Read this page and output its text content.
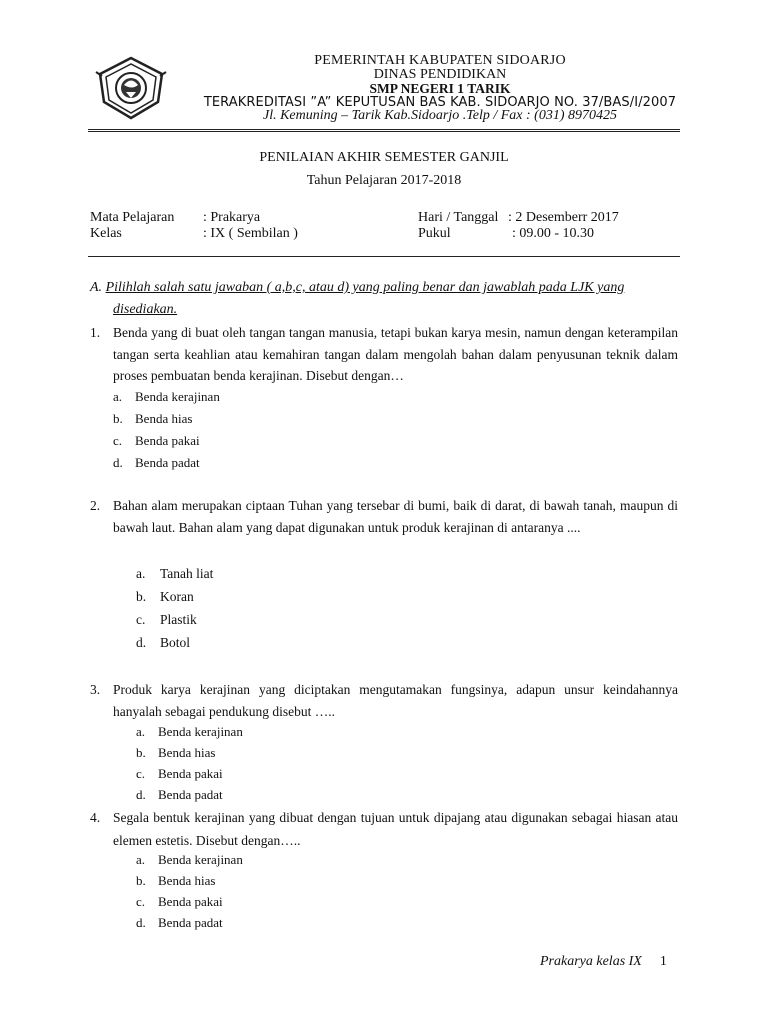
PEMERINTAH KABUPATEN SIDOARJO
DINAS PENDIDIKAN
SMP NEGERI 1 TARIK
TERAKREDITASI ”A” KEPUTUSAN BAS KAB. SIDOARJO NO. 37/BAS/I/2007
Jl. Kemuning – Tarik Kab.Sidoarjo .Telp / Fax : (031) 8970425
PENILAIAN AKHIR SEMESTER GANJIL
Tahun Pelajaran 2017-2018
Mata Pelajaran : Prakarya
Kelas	: IX ( Sembilan )
Hari / Tanggal : 2 Desemberr 2017
Pukul	: 09.00 - 10.30
A. Pilihlah salah satu jawaban ( a,b,c, atau d) yang paling benar dan jawablah pada LJK yang
disediakan.
1. Benda yang di buat oleh tangan tangan manusia, tetapi bukan karya mesin, namun dengan keterampilan tangan serta keahlian atau kemahiran tangan dalam mengolah bahan dalam penyusunan teknik dalam proses pembuatan benda kerajinan. Disebut dengan…
a. Benda kerajinan
b. Benda hias
c. Benda pakai
d. Benda padat
2. Bahan alam merupakan ciptaan Tuhan yang tersebar di bumi, baik di darat, di bawah tanah, maupun di bawah laut. Bahan alam yang dapat digunakan untuk produk kerajinan di antaranya ....
a. Tanah liat
b. Koran
c. Plastik
d. Botol
3. Produk karya kerajinan yang diciptakan mengutamakan fungsinya, adapun unsur keindahannya hanyalah sebagai pendukung disebut …..
a. Benda kerajinan
b. Benda hias
c. Benda pakai
d. Benda padat
4. Segala bentuk kerajinan yang dibuat dengan tujuan untuk dipajang atau digunakan sebagai hiasan atau elemen estetis. Disebut dengan…..
a. Benda kerajinan
b. Benda hias
c. Benda pakai
d. Benda padat
Prakarya kelas IX 1
